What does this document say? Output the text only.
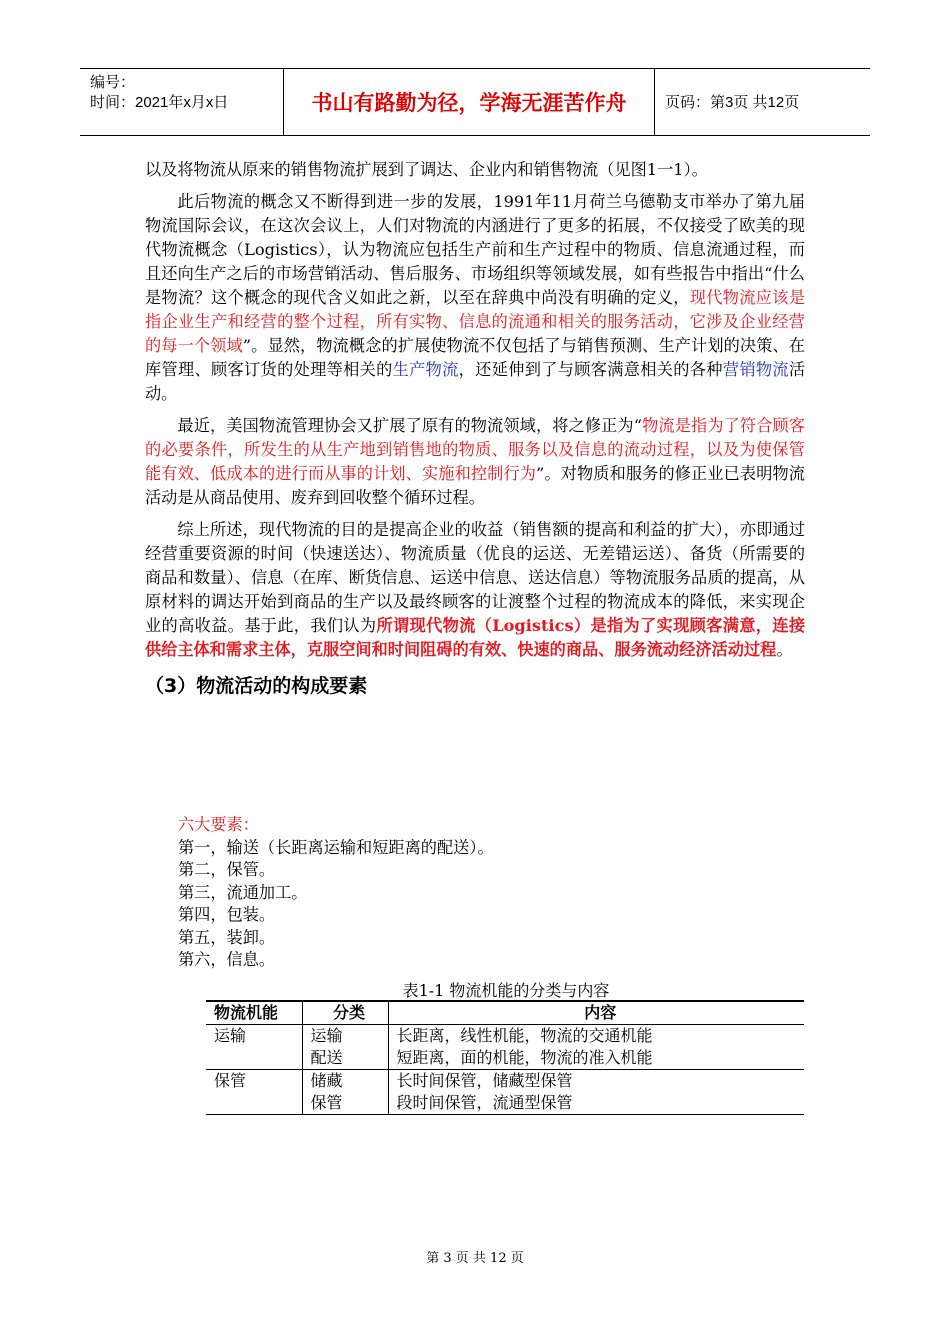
编号：
时间：2021年x月x日	书山有路勤为径，学海无涯苦作舟	页码：第3页 共12页

以及将物流从原来的销售物流扩展到了调达、企业内和销售物流（见图1一1）。

此后物流的概念又不断得到进一步的发展，1991年11月荷兰乌德勒支市举办了第九届物流国际会议，在这次会议上，人们对物流的内涵进行了更多的拓展，不仅接受了欧美的现代物流概念（Logistics），认为物流应包括生产前和生产过程中的物质、信息流通过程，而且还向生产之后的市场营销活动、售后服务、市场组织等领域发展，如有些报告中指出“什么是物流？这个概念的现代含义如此之新，以至在辞典中尚没有明确的定义，现代物流应该是指企业生产和经营的整个过程，所有实物、信息的流通和相关的服务活动，它涉及企业经营的每一个领域”。显然，物流概念的扩展使物流不仅包括了与销售预测、生产计划的决策、在库管理、顾客订货的处理等相关的生产物流，还延伸到了与顾客满意相关的各种营销物流活动。

最近，美国物流管理协会又扩展了原有的物流领域，将之修正为“物流是指为了符合顾客的必要条件，所发生的从生产地到销售地的物质、服务以及信息的流动过程，以及为使保管能有效、低成本的进行而从事的计划、实施和控制行为”。对物质和服务的修正业已表明物流活动是从商品使用、废弃到回收整个循环过程。

综上所述，现代物流的目的是提高企业的收益（销售额的提高和利益的扩大），亦即通过经营重要资源的时间（快速送达）、物流质量（优良的运送、无差错运送）、备货（所需要的商品和数量）、信息（在库、断货信息、运送中信息、送达信息）等物流服务品质的提高，从原材料的调达开始到商品的生产以及最终顾客的让渡整个过程的物流成本的降低，来实现企业的高收益。基于此，我们认为所谓现代物流（Logistics）是指为了实现顾客满意，连接供给主体和需求主体，克服空间和时间阻碍的有效、快速的商品、服务流动经济活动过程。

（3）物流活动的构成要素
六大要素：
第一，输送（长距离运输和短距离的配送）。
第二，保管。
第三，流通加工。
第四，包装。
第五，装卸。
第六，信息。
表1-1 物流机能的分类与内容
物流机能	分类	内容
运输	运输	长距离，线性机能，物流的交通机能
	配送	短距离，面的机能，物流的准入机能
保管	储藏	长时间保管，储藏型保管
	保管	段时间保管，流通型保管
第 3 页 共 12 页
